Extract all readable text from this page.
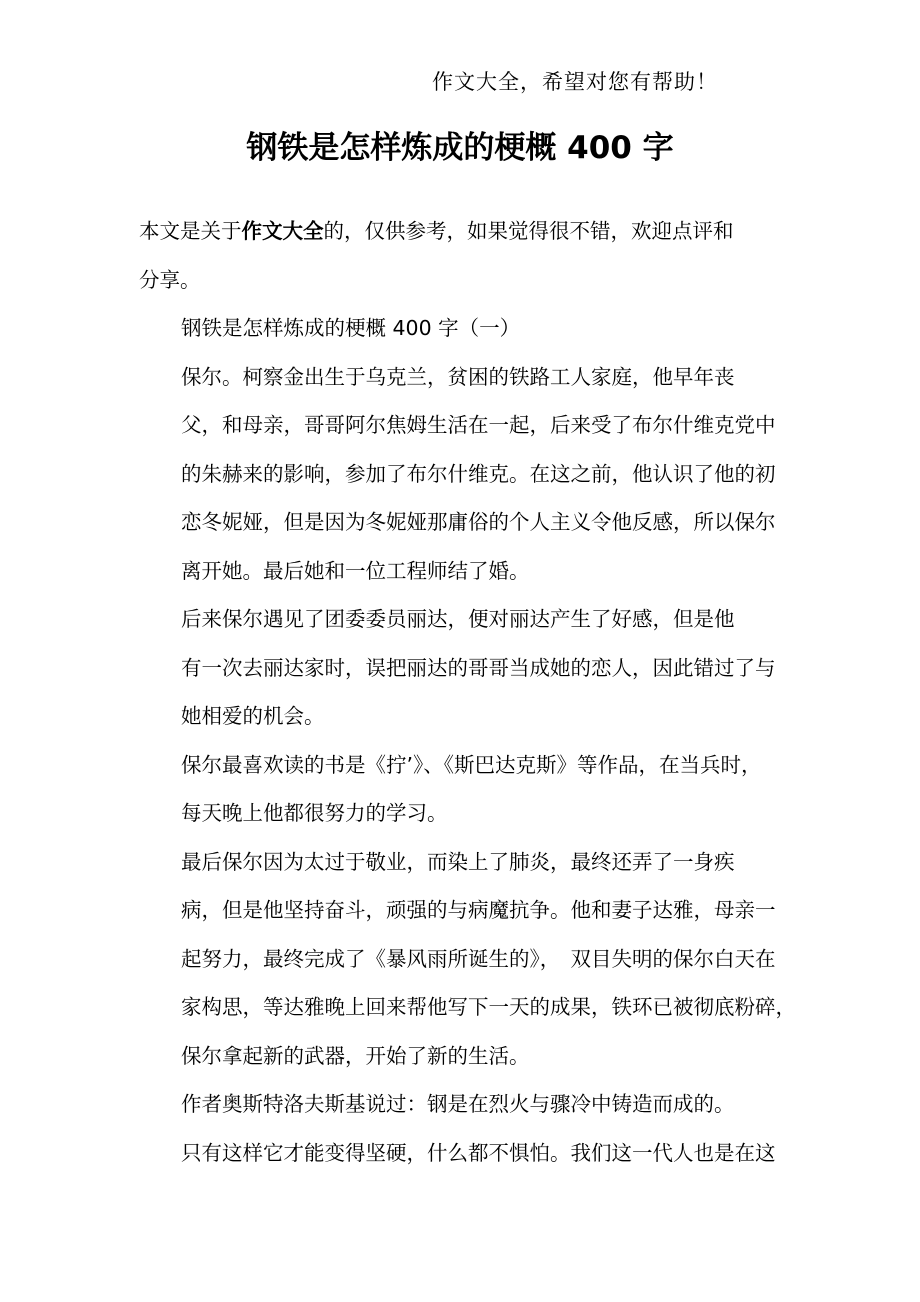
作文大全，希望对您有帮助！
钢铁是怎样炼成的梗概 400 字

本文是关于作文大全的，仅供参考，如果觉得很不错，欢迎点评和
分享。

钢铁是怎样炼成的梗概 400 字（一）

保尔。柯察金出生于乌克兰，贫困的铁路工人家庭，他早年丧
父，和母亲，哥哥阿尔焦姆生活在一起，后来受了布尔什维克党中
的朱赫来的影响，参加了布尔什维克。在这之前，他认识了他的初
恋冬妮娅，但是因为冬妮娅那庸俗的个人主义令他反感，所以保尔
离开她。最后她和一位工程师结了婚。

后来保尔遇见了团委委员丽达，便对丽达产生了好感，但是他
有一次去丽达家时，误把丽达的哥哥当成她的恋人，因此错过了与
她相爱的机会。

保尔最喜欢读的书是《拧’》、《斯巴达克斯》等作品，在当兵时，
每天晚上他都很努力的学习。

最后保尔因为太过于敬业，而染上了肺炎，最终还弄了一身疾
病，但是他坚持奋斗，顽强的与病魔抗争。他和妻子达雅，母亲一
起努力，最终完成了《暴风雨所诞生的》，　双目失明的保尔白天在
家构思，等达雅晚上回来帮他写下一天的成果，铁环已被彻底粉碎，
保尔拿起新的武器，开始了新的生活。

作者奥斯特洛夫斯基说过：钢是在烈火与骤冷中铸造而成的。
只有这样它才能变得坚硬，什么都不惧怕。我们这一代人也是在这
